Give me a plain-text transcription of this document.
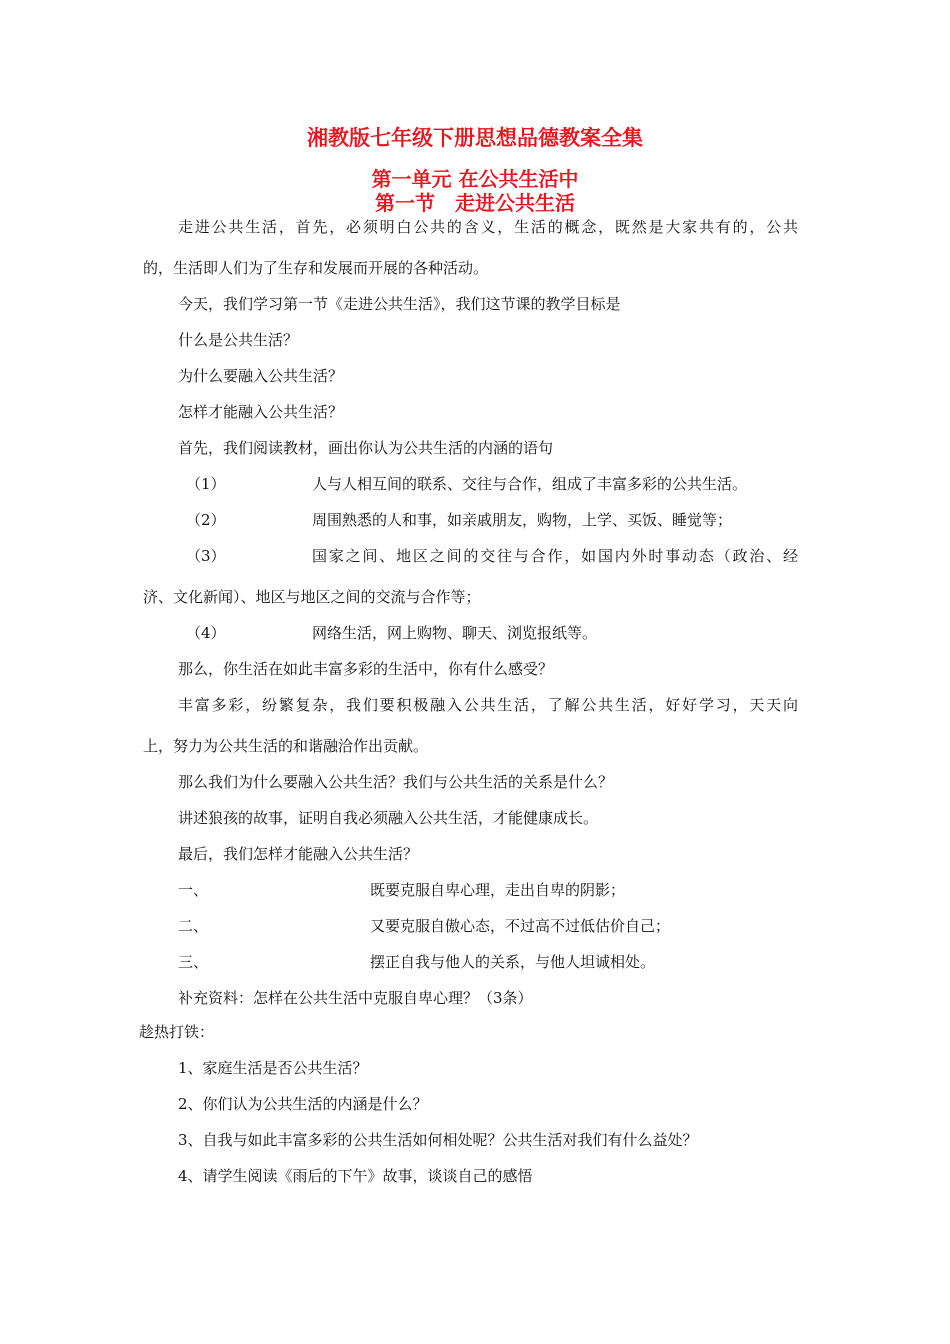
湘教版七年级下册思想品德教案全集
第一单元 在公共生活中
第一节　走进公共生活
走进公共生活，首先，必须明白公共的含义，生活的概念，既然是大家共有的，公共
的，生活即人们为了生存和发展而开展的各种活动。
今天，我们学习第一节《走进公共生活》，我们这节课的教学目标是
什么是公共生活？
为什么要融入公共生活？
怎样才能融入公共生活？
首先，我们阅读教材，画出你认为公共生活的内涵的语句
（1）	人与人相互间的联系、交往与合作，组成了丰富多彩的公共生活。
（2）	周围熟悉的人和事，如亲戚朋友，购物，上学、买饭、睡觉等；
（3）	国家之间、地区之间的交往与合作，如国内外时事动态（政治、经
济、文化新闻）、地区与地区之间的交流与合作等；
（4）	网络生活，网上购物、聊天、浏览报纸等。
那么，你生活在如此丰富多彩的生活中，你有什么感受？
丰富多彩，纷繁复杂，我们要积极融入公共生活，了解公共生活，好好学习，天天向
上，努力为公共生活的和谐融洽作出贡献。
那么我们为什么要融入公共生活？我们与公共生活的关系是什么？
讲述狼孩的故事，证明自我必须融入公共生活，才能健康成长。
最后，我们怎样才能融入公共生活？
一、	既要克服自卑心理，走出自卑的阴影；
二、	又要克服自傲心态，不过高不过低估价自己；
三、	摆正自我与他人的关系，与他人坦诚相处。
补充资料：怎样在公共生活中克服自卑心理？（3条）
趁热打铁：
1、家庭生活是否公共生活？
2、你们认为公共生活的内涵是什么？
3、自我与如此丰富多彩的公共生活如何相处呢？公共生活对我们有什么益处？
4、请学生阅读《雨后的下午》故事，谈谈自己的感悟
